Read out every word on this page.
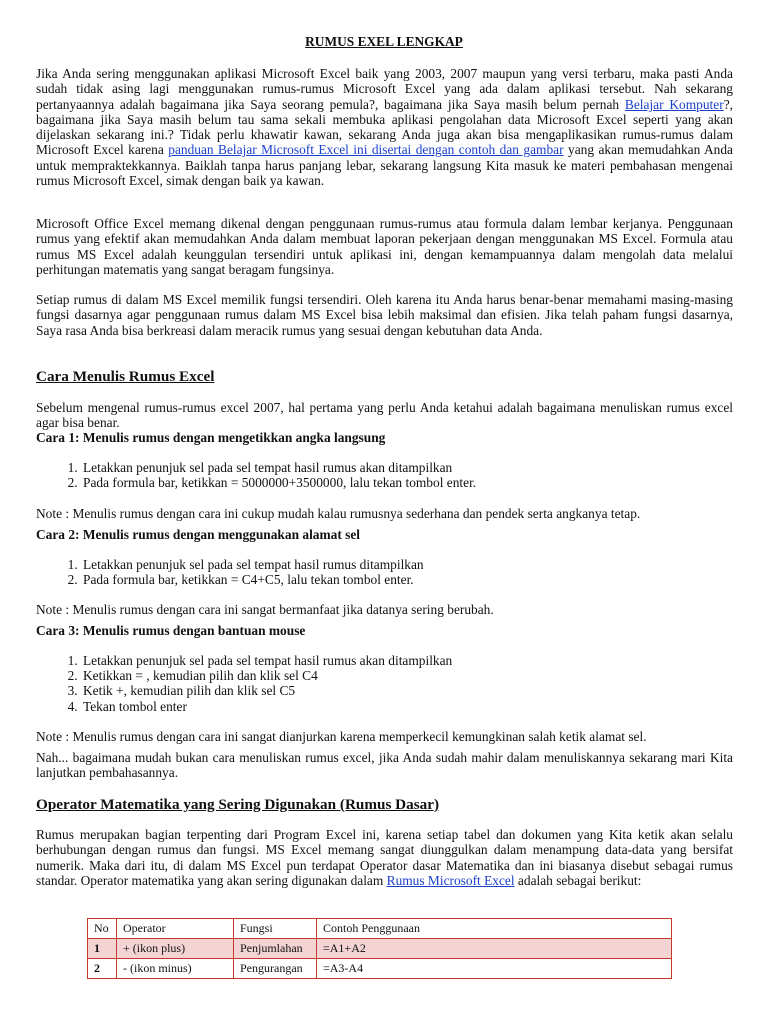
RUMUS EXEL LENGKAP

Jika Anda sering menggunakan aplikasi Microsoft Excel baik yang 2003, 2007 maupun yang versi terbaru, maka pasti Anda sudah tidak asing lagi menggunakan rumus-rumus Microsoft Excel yang ada dalam aplikasi tersebut. Nah sekarang pertanyaannya adalah bagaimana jika Saya seorang pemula?, bagaimana jika Saya masih belum pernah Belajar Komputer?, bagaimana jika Saya masih belum tau sama sekali membuka aplikasi pengolahan data Microsoft Excel seperti yang akan dijelaskan sekarang ini.? Tidak perlu khawatir kawan, sekarang Anda juga akan bisa mengaplikasikan rumus-rumus dalam Microsoft Excel karena panduan Belajar Microsoft Excel ini disertai dengan contoh dan gambar yang akan memudahkan Anda untuk mempraktekkannya. Baiklah tanpa harus panjang lebar, sekarang langsung Kita masuk ke materi pembahasan mengenai rumus Microsoft Excel, simak dengan baik ya kawan.

Microsoft Office Excel memang dikenal dengan penggunaan rumus-rumus atau formula dalam lembar kerjanya. Penggunaan rumus yang efektif akan memudahkan Anda dalam membuat laporan pekerjaan dengan menggunakan MS Excel. Formula atau rumus MS Excel adalah keunggulan tersendiri untuk aplikasi ini, dengan kemampuannya dalam mengolah data melalui perhitungan matematis yang sangat beragam fungsinya.

Setiap rumus di dalam MS Excel memilik fungsi tersendiri. Oleh karena itu Anda harus benar-benar memahami masing-masing fungsi dasarnya agar penggunaan rumus dalam MS Excel bisa lebih maksimal dan efisien. Jika telah paham fungsi dasarnya, Saya rasa Anda bisa berkreasi dalam meracik rumus yang sesuai dengan kebutuhan data Anda.

Cara Menulis Rumus Excel

Sebelum mengenal rumus-rumus excel 2007, hal pertama yang perlu Anda ketahui adalah bagaimana menuliskan rumus excel agar bisa benar.

Cara 1: Menulis rumus dengan mengetikkan angka langsung
1. Letakkan penunjuk sel pada sel tempat hasil rumus akan ditampilkan
2. Pada formula bar, ketikkan = 5000000+3500000, lalu tekan tombol enter.

Note : Menulis rumus dengan cara ini cukup mudah kalau rumusnya sederhana dan pendek serta angkanya tetap.

Cara 2: Menulis rumus dengan menggunakan alamat sel
1. Letakkan penunjuk sel pada sel tempat hasil rumus ditampilkan
2. Pada formula bar, ketikkan = C4+C5, lalu tekan tombol enter.

Note : Menulis rumus dengan cara ini sangat bermanfaat jika datanya sering berubah.

Cara 3: Menulis rumus dengan bantuan mouse
1. Letakkan penunjuk sel pada sel tempat hasil rumus akan ditampilkan
2. Ketikkan = , kemudian pilih dan klik sel C4
3. Ketik +, kemudian pilih dan klik sel C5
4. Tekan tombol enter

Note : Menulis rumus dengan cara ini sangat dianjurkan karena memperkecil kemungkinan salah ketik alamat sel.

Nah... bagaimana mudah bukan cara menuliskan rumus excel, jika Anda sudah mahir dalam menuliskannya sekarang mari Kita lanjutkan pembahasannya.

Operator Matematika yang Sering Digunakan (Rumus Dasar)

Rumus merupakan bagian terpenting dari Program Excel ini, karena setiap tabel dan dokumen yang Kita ketik akan selalu berhubungan dengan rumus dan fungsi. MS Excel memang sangat diunggulkan dalam menampung data-data yang bersifat numerik. Maka dari itu, di dalam MS Excel pun terdapat Operator dasar Matematika dan ini biasanya disebut sebagai rumus standar. Operator matematika yang akan sering digunakan dalam Rumus Microsoft Excel adalah sebagai berikut:

No	Operator	Fungsi	Contoh Penggunaan
1	+ (ikon plus)	Penjumlahan	=A1+A2
2	- (ikon minus)	Pengurangan	=A3-A4
